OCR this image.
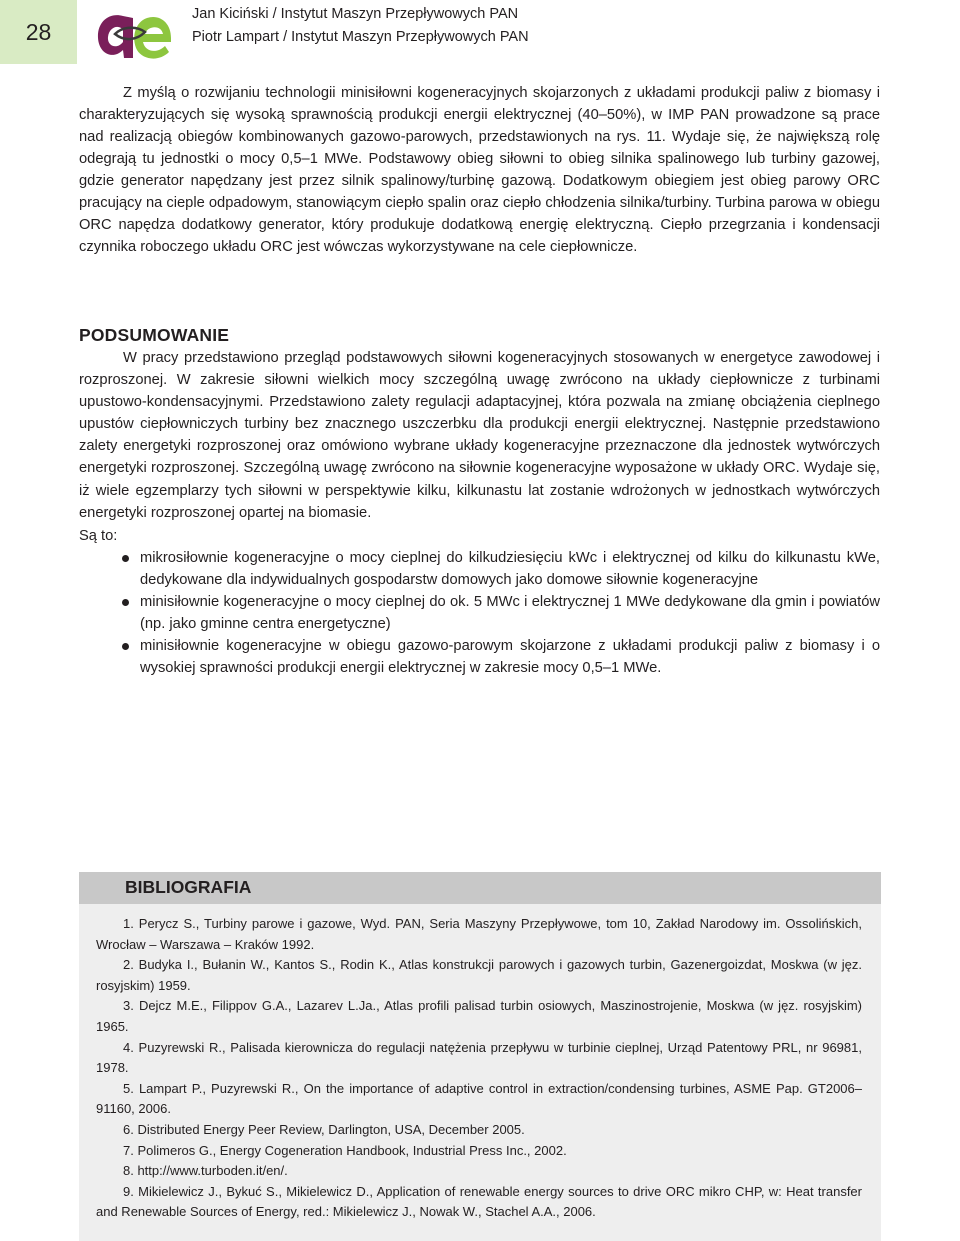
28
Jan Kiciński / Instytut Maszyn Przepływowych PAN
Piotr Lampart / Instytut Maszyn Przepływowych PAN

Z myślą o rozwijaniu technologii minisiłowni kogeneracyjnych skojarzonych z układami produkcji paliw z biomasy i charakteryzujących się wysoką sprawnością produkcji energii elektrycznej (40–50%), w IMP PAN prowadzone są prace nad realizacją obiegów kombinowanych gazowo-parowych, przedstawionych na rys. 11. Wydaje się, że największą rolę odegrają tu jednostki o mocy 0,5–1 MWe. Podstawowy obieg siłowni to obieg silnika spalinowego lub turbiny gazowej, gdzie generator napędzany jest przez silnik spalinowy/turbinę gazową. Dodatkowym obiegiem jest obieg parowy ORC pracujący na cieple odpadowym, stanowiącym ciepło spalin oraz ciepło chłodzenia silnika/turbiny. Turbina parowa w obiegu ORC napędza dodatkowy generator, który produkuje dodatkową energię elektryczną. Ciepło przegrzania i kondensacji czynnika roboczego układu ORC jest wówczas wykorzystywane na cele ciepłownicze.

PODSUMOWANIE

W pracy przedstawiono przegląd podstawowych siłowni kogeneracyjnych stosowanych w energetyce zawodowej i rozproszonej. W zakresie siłowni wielkich mocy szczególną uwagę zwrócono na układy ciepłownicze z turbinami upustowo-kondensacyjnymi. Przedstawiono zalety regulacji adaptacyjnej, która pozwala na zmianę obciążenia cieplnego upustów ciepłowniczych turbiny bez znacznego uszczerbku dla produkcji energii elektrycznej. Następnie przedstawiono zalety energetyki rozproszonej oraz omówiono wybrane układy kogeneracyjne przeznaczone dla jednostek wytwórczych energetyki rozproszonej. Szczególną uwagę zwrócono na siłownie kogeneracyjne wyposażone w układy ORC. Wydaje się, iż wiele egzemplarzy tych siłowni w perspektywie kilku, kilkunastu lat zostanie wdrożonych w jednostkach wytwórczych energetyki rozproszonej opartej na biomasie.

Są to:
mikrosiłownie kogeneracyjne o mocy cieplnej do kilkudziesięciu kWc i elektrycznej od kilku do kilkunastu kWe, dedykowane dla indywidualnych gospodarstw domowych jako domowe siłownie kogeneracyjne
minisiłownie kogeneracyjne o mocy cieplnej do ok. 5 MWc i elektrycznej 1 MWe dedykowane dla gmin i powiatów (np. jako gminne centra energetyczne)
minisiłownie kogeneracyjne w obiegu gazowo-parowym skojarzone z układami produkcji paliw z biomasy i o wysokiej sprawności produkcji energii elektrycznej w zakresie mocy 0,5–1 MWe.
BIBLIOGRAFIA
1. Perycz S., Turbiny parowe i gazowe, Wyd. PAN, Seria Maszyny Przepływowe, tom 10, Zakład Narodowy im. Ossolińskich, Wrocław – Warszawa – Kraków 1992.
2. Budyka I., Bułanin W., Kantos S., Rodin K., Atlas konstrukcji parowych i gazowych turbin, Gazenergoizdat, Moskwa (w jęz. rosyjskim) 1959.
3. Dejcz M.E., Filippov G.A., Lazarev L.Ja., Atlas profili palisad turbin osiowych, Maszinostrojenie, Moskwa (w jęz. rosyjskim) 1965.
4. Puzyrewski R., Palisada kierownicza do regulacji natężenia przepływu w turbinie cieplnej, Urząd Patentowy PRL, nr 96981, 1978.
5. Lampart P., Puzyrewski R., On the importance of adaptive control in extraction/condensing turbines, ASME Pap. GT2006–91160, 2006.
6. Distributed Energy Peer Review, Darlington, USA, December 2005.
7. Polimeros G., Energy Cogeneration Handbook, Industrial Press Inc., 2002.
8. http://www.turboden.it/en/.
9. Mikielewicz J., Bykuć S., Mikielewicz D., Application of renewable energy sources to drive ORC mikro CHP, w: Heat transfer and Renewable Sources of Energy, red.: Mikielewicz J., Nowak W., Stachel A.A., 2006.
